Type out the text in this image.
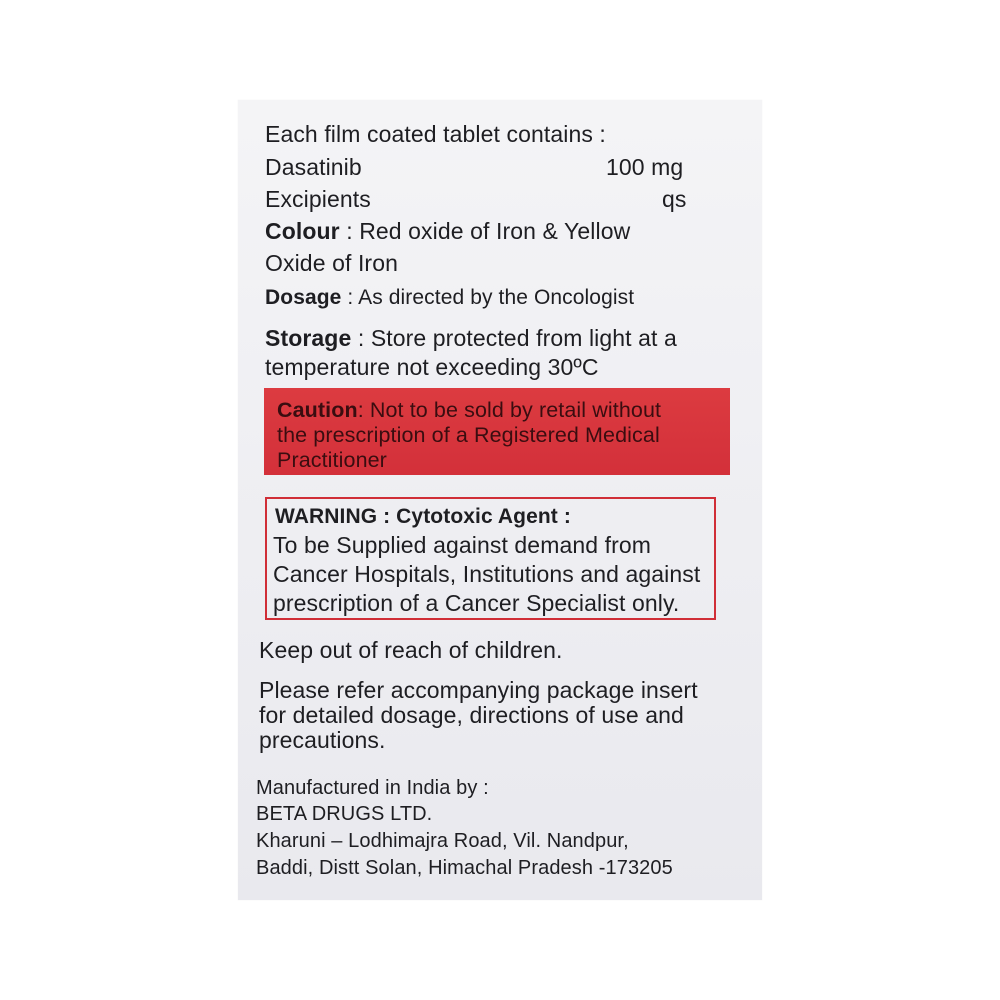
Each film coated tablet contains :
Dasatinib	100 mg
Excipients	qs
Colour : Red oxide of Iron & Yellow
Oxide of Iron
Dosage : As directed by the Oncologist
Storage : Store protected from light at a
temperature not exceeding 30ºC
Caution: Not to be sold by retail without
the prescription of a Registered Medical
Practitioner
WARNING : Cytotoxic Agent :
To be Supplied against demand from
Cancer Hospitals, Institutions and against
prescription of a Cancer Specialist only.
Keep out of reach of children.
Please refer accompanying package insert
for detailed dosage, directions of use and
precautions.
Manufactured in India by :
BETA DRUGS LTD.
Kharuni – Lodhimajra Road, Vil. Nandpur,
Baddi, Distt Solan, Himachal Pradesh -173205
